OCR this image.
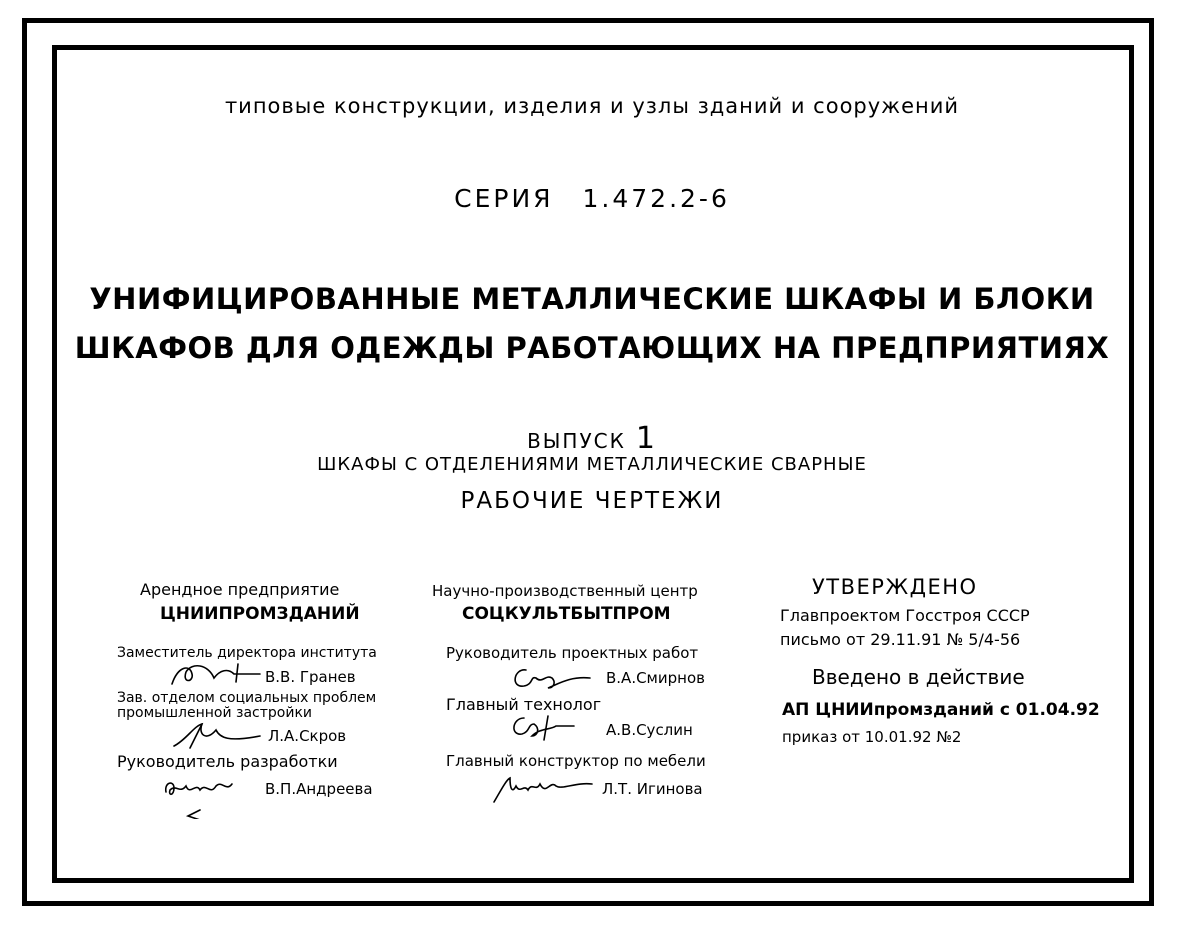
типовые конструкции, изделия и узлы зданий и сооружений
СЕРИЯ 1.472.2-6
УНИФИЦИРОВАННЫЕ МЕТАЛЛИЧЕСКИЕ ШКАФЫ И БЛОКИ
ШКАФОВ ДЛЯ ОДЕЖДЫ РАБОТАЮЩИХ НА ПРЕДПРИЯТИЯХ
ВЫПУСК 1
ШКАФЫ С ОТДЕЛЕНИЯМИ МЕТАЛЛИЧЕСКИЕ СВАРНЫЕ
РАБОЧИЕ ЧЕРТЕЖИ
Арендное предприятие
ЦНИИПРОМЗДАНИЙ
Заместитель директора института
В.В. Гранев
Зав. отделом социальных проблем
промышленной застройки
Л.А.Скров
Руководитель разработки
В.П.Андреева
Научно-производственный центр
СОЦКУЛЬТБЫТПРОМ
Руководитель проектных работ
В.А.Смирнов
Главный технолог
А.В.Суслин
Главный конструктор по мебели
Л.Т. Игинова
УТВЕРЖДЕНО
Главпроектом Госстроя СССР
письмо от 29.11.91 № 5/4-56
Введено в действие
АП ЦНИИпромзданий с 01.04.92
приказ от 10.01.92 №2
